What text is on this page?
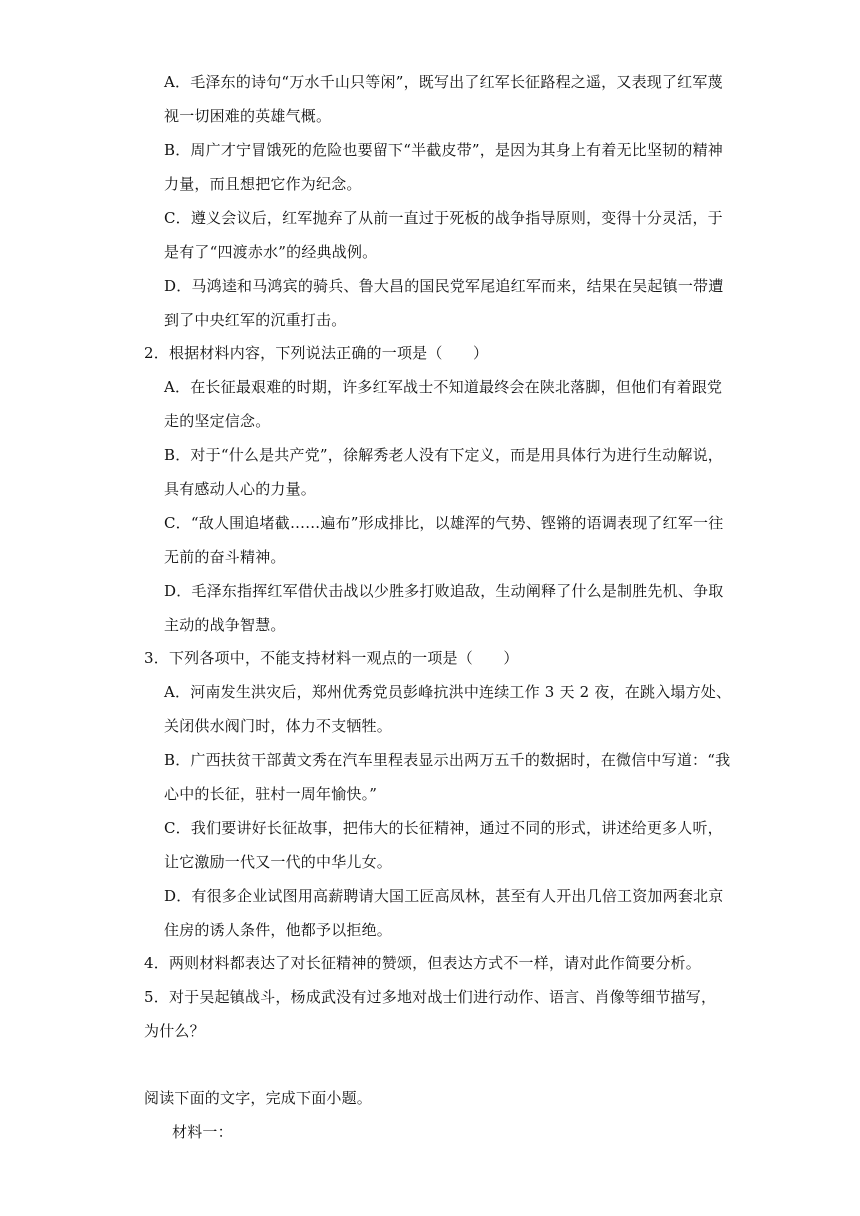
A．毛泽东的诗句“万水千山只等闲”，既写出了红军长征路程之遥，又表现了红军蔑
视一切困难的英雄气概。
B．周广才宁冒饿死的危险也要留下“半截皮带”，是因为其身上有着无比坚韧的精神
力量，而且想把它作为纪念。
C．遵义会议后，红军抛弃了从前一直过于死板的战争指导原则，变得十分灵活，于
是有了“四渡赤水”的经典战例。
D．马鸿逵和马鸿宾的骑兵、鲁大昌的国民党军尾追红军而来，结果在吴起镇一带遭
到了中央红军的沉重打击。
2．根据材料内容，下列说法正确的一项是（　　）
A．在长征最艰难的时期，许多红军战士不知道最终会在陕北落脚，但他们有着跟党
走的坚定信念。
B．对于“什么是共产党”，徐解秀老人没有下定义，而是用具体行为进行生动解说，
具有感动人心的力量。
C．“敌人围追堵截……遍布”形成排比，以雄浑的气势、铿锵的语调表现了红军一往
无前的奋斗精神。
D．毛泽东指挥红军借伏击战以少胜多打败追敌，生动阐释了什么是制胜先机、争取
主动的战争智慧。
3．下列各项中，不能支持材料一观点的一项是（　　）
A．河南发生洪灾后，郑州优秀党员彭峰抗洪中连续工作 3 天 2 夜，在跳入塌方处、
关闭供水阀门时，体力不支牺牲。
B．广西扶贫干部黄文秀在汽车里程表显示出两万五千的数据时，在微信中写道：“我
心中的长征，驻村一周年愉快。”
C．我们要讲好长征故事，把伟大的长征精神，通过不同的形式，讲述给更多人听，
让它激励一代又一代的中华儿女。
D．有很多企业试图用高薪聘请大国工匠高凤林，甚至有人开出几倍工资加两套北京
住房的诱人条件，他都予以拒绝。
4．两则材料都表达了对长征精神的赞颂，但表达方式不一样，请对此作简要分析。
5．对于吴起镇战斗，杨成武没有过多地对战士们进行动作、语言、肖像等细节描写，
为什么？
阅读下面的文字，完成下面小题。
材料一：
